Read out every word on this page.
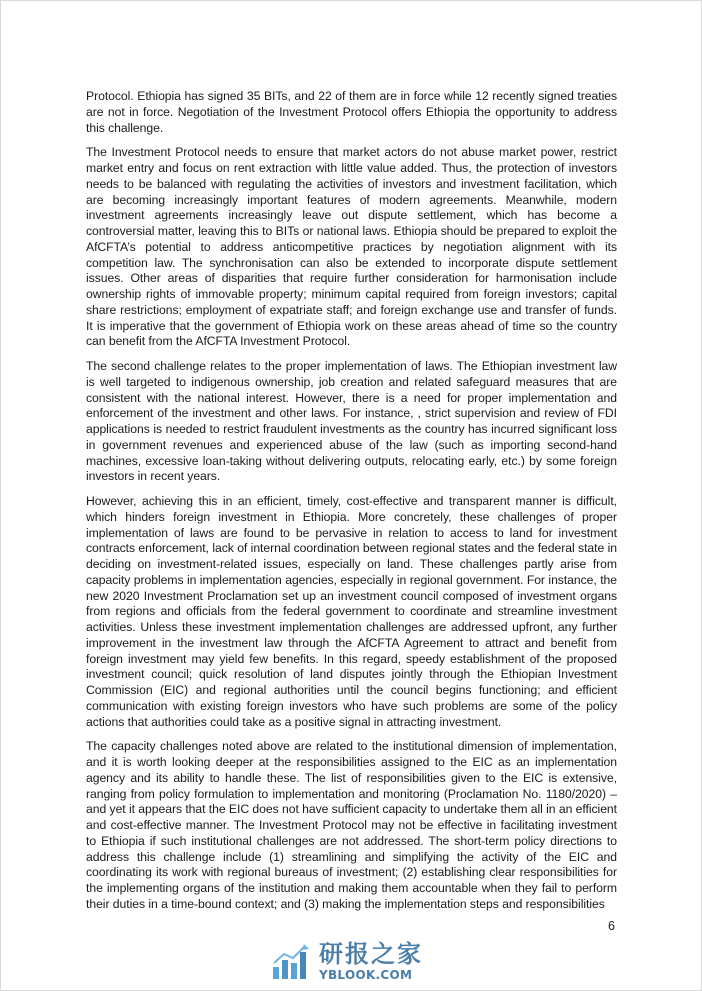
Protocol. Ethiopia has signed 35 BITs, and 22 of them are in force while 12 recently signed treaties are not in force. Negotiation of the Investment Protocol offers Ethiopia the opportunity to address this challenge.

The Investment Protocol needs to ensure that market actors do not abuse market power, restrict market entry and focus on rent extraction with little value added. Thus, the protection of investors needs to be balanced with regulating the activities of investors and investment facilitation, which are becoming increasingly important features of modern agreements. Meanwhile, modern investment agreements increasingly leave out dispute settlement, which has become a controversial matter, leaving this to BITs or national laws. Ethiopia should be prepared to exploit the AfCFTA’s potential to address anticompetitive practices by negotiation alignment with its competition law. The synchronisation can also be extended to incorporate dispute settlement issues. Other areas of disparities that require further consideration for harmonisation include ownership rights of immovable property; minimum capital required from foreign investors; capital share restrictions; employment of expatriate staff; and foreign exchange use and transfer of funds. It is imperative that the government of Ethiopia work on these areas ahead of time so the country can benefit from the AfCFTA Investment Protocol.

The second challenge relates to the proper implementation of laws. The Ethiopian investment law is well targeted to indigenous ownership, job creation and related safeguard measures that are consistent with the national interest. However, there is a need for proper implementation and enforcement of the investment and other laws. For instance, , strict supervision and review of FDI applications is needed to restrict fraudulent investments as the country has incurred significant loss in government revenues and experienced abuse of the law (such as importing second-hand machines, excessive loan-taking without delivering outputs, relocating early, etc.) by some foreign investors in recent years.

However, achieving this in an efficient, timely, cost-effective and transparent manner is difficult, which hinders foreign investment in Ethiopia. More concretely, these challenges of proper implementation of laws are found to be pervasive in relation to access to land for investment contracts enforcement, lack of internal coordination between regional states and the federal state in deciding on investment-related issues, especially on land. These challenges partly arise from capacity problems in implementation agencies, especially in regional government. For instance, the new 2020 Investment Proclamation set up an investment council composed of investment organs from regions and officials from the federal government to coordinate and streamline investment activities. Unless these investment implementation challenges are addressed upfront, any further improvement in the investment law through the AfCFTA Agreement to attract and benefit from foreign investment may yield few benefits. In this regard, speedy establishment of the proposed investment council; quick resolution of land disputes jointly through the Ethiopian Investment Commission (EIC) and regional authorities until the council begins functioning; and efficient communication with existing foreign investors who have such problems are some of the policy actions that authorities could take as a positive signal in attracting investment.

The capacity challenges noted above are related to the institutional dimension of implementation, and it is worth looking deeper at the responsibilities assigned to the EIC as an implementation agency and its ability to handle these. The list of responsibilities given to the EIC is extensive, ranging from policy formulation to implementation and monitoring (Proclamation No. 1180/2020) – and yet it appears that the EIC does not have sufficient capacity to undertake them all in an efficient and cost-effective manner. The Investment Protocol may not be effective in facilitating investment to Ethiopia if such institutional challenges are not addressed. The short-term policy directions to address this challenge include (1) streamlining and simplifying the activity of the EIC and coordinating its work with regional bureaus of investment; (2) establishing clear responsibilities for the implementing organs of the institution and making them accountable when they fail to perform their duties in a time-bound context; and (3) making the implementation steps and responsibilities

6
研报之家
YBLOOK.COM
